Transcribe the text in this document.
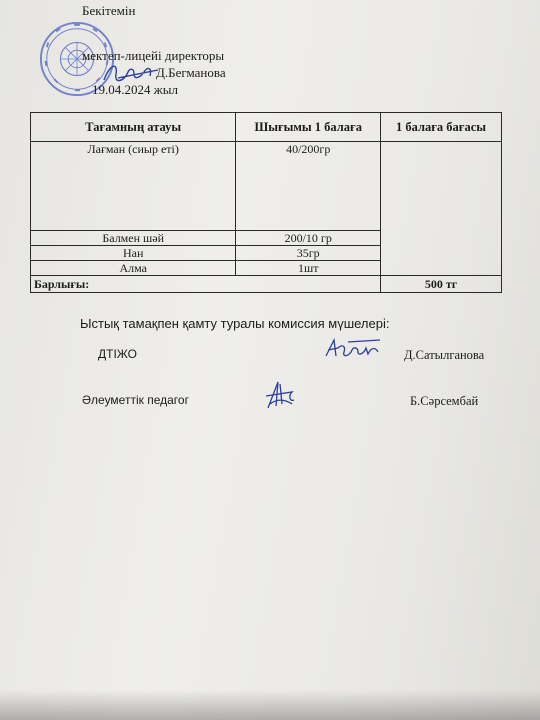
Бекітемін
мектеп-лицейі директоры
Д.Бегманова
19.04.2024 жыл
Тағамның атауы	Шығымы 1 балаға	1 балаға бағасы
Лағман (сиыр еті)	40/200гр	
Балмен шәй	200/10 гр	
Нан	35гр	
Алма	1шт	
Барлығы:		500 тг
Ыстық тамақпен қамту туралы комиссия мүшелері:
ДТІЖО	Д.Сатылганова
Әлеуметтік педагог	Б.Сәрсембай
